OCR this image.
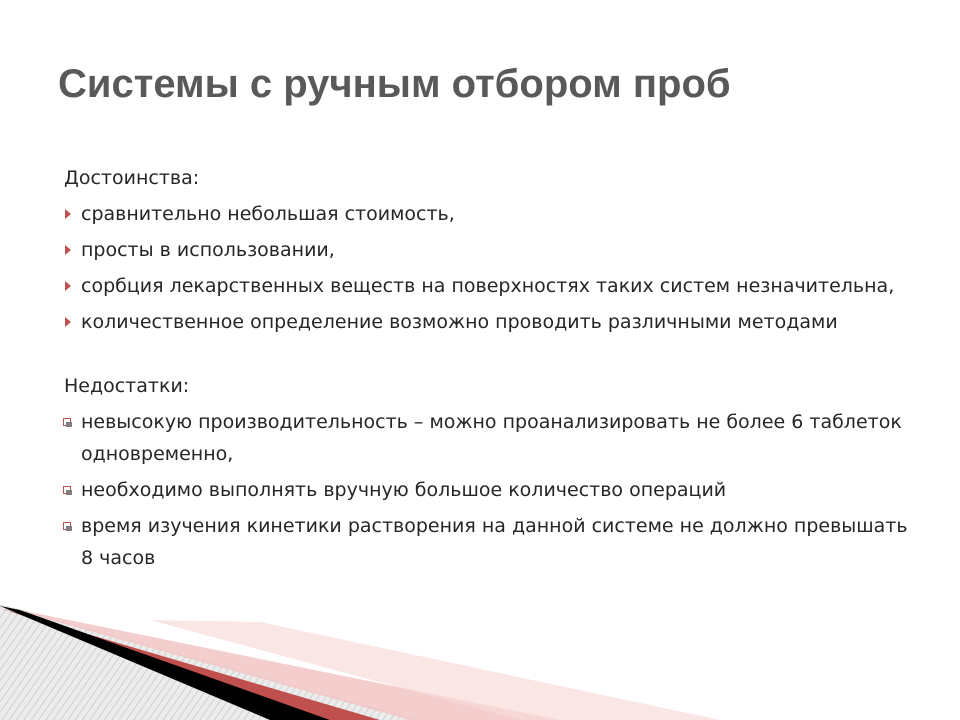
Системы с ручным отбором проб
Достоинства:
сравнительно небольшая стоимость,
просты в использовании,
сорбция лекарственных веществ на поверхностях таких систем незначительна,
количественное определение возможно проводить различными методами
Недостатки:
невысокую производительность – можно проанализировать не более 6 таблеток одновременно,
необходимо выполнять вручную большое количество операций
время изучения кинетики растворения на данной системе не должно превышать 8 часов
